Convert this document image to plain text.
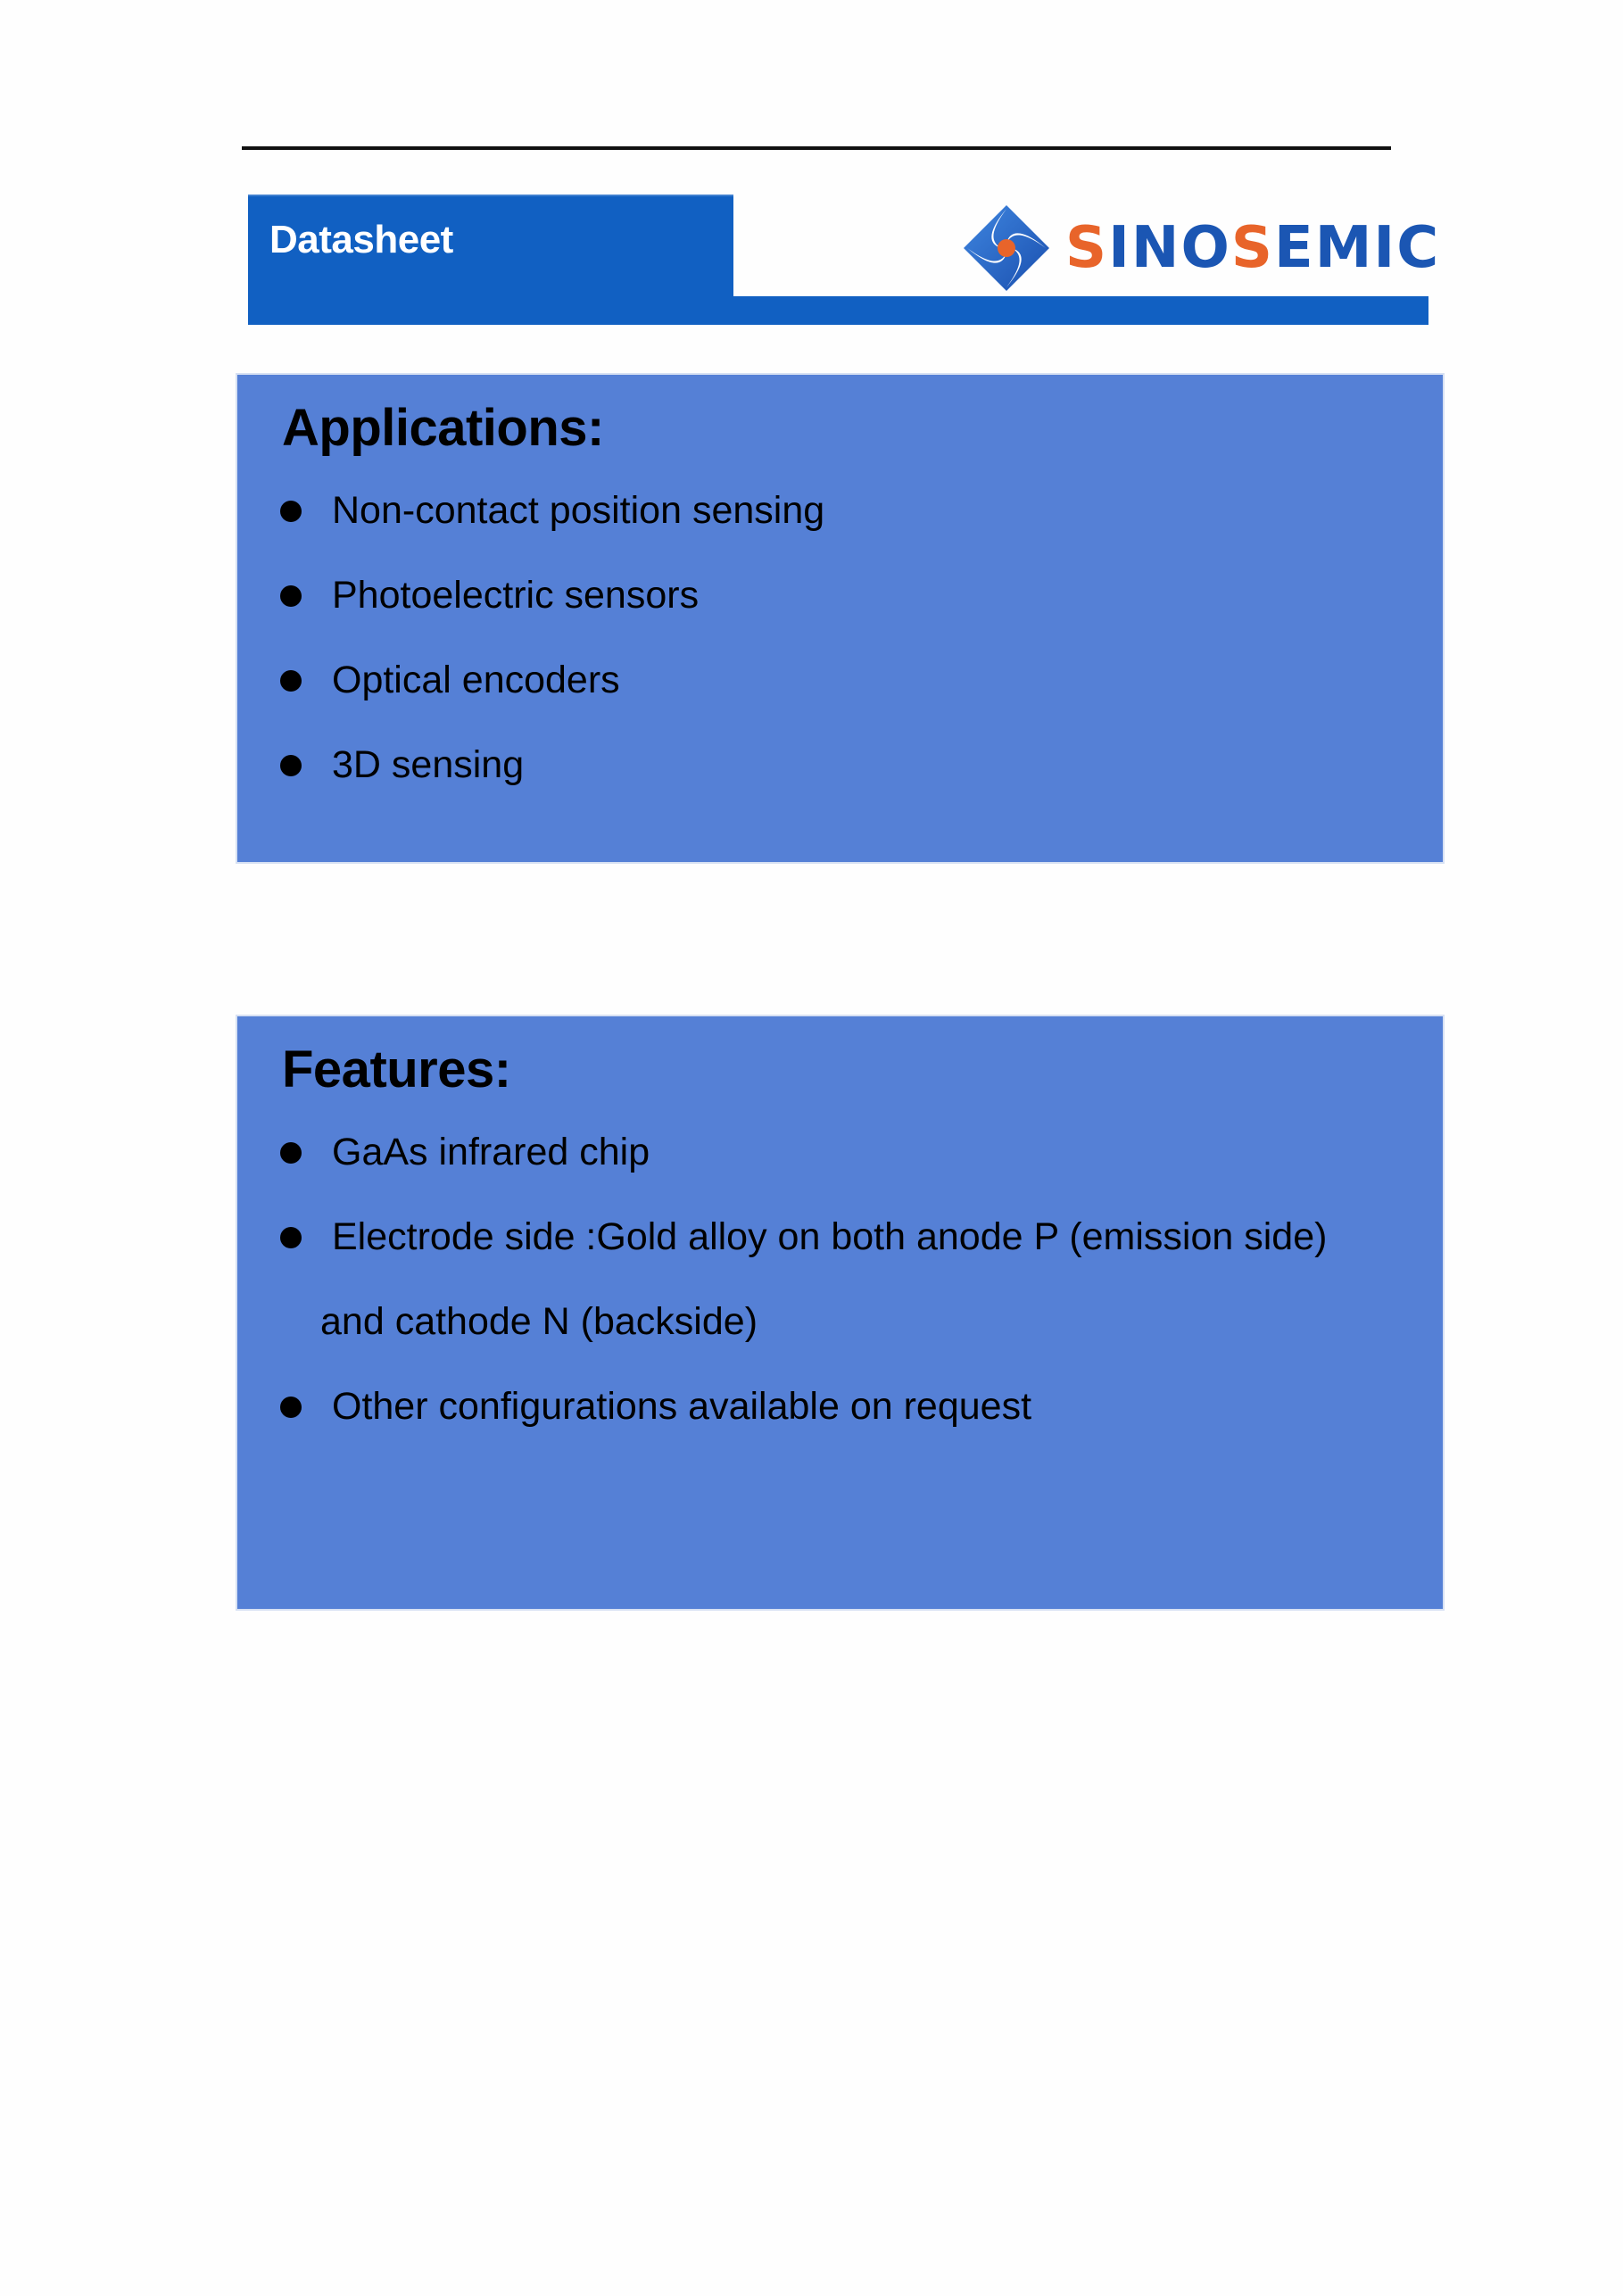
Datasheet	SINOSEMIC
Applications:
Non-contact position sensing
Photoelectric sensors
Optical encoders
3D sensing
Features:
GaAs infrared chip
Electrode side :Gold alloy on both anode P (emission side)
and cathode N (backside)
Other configurations available on request
